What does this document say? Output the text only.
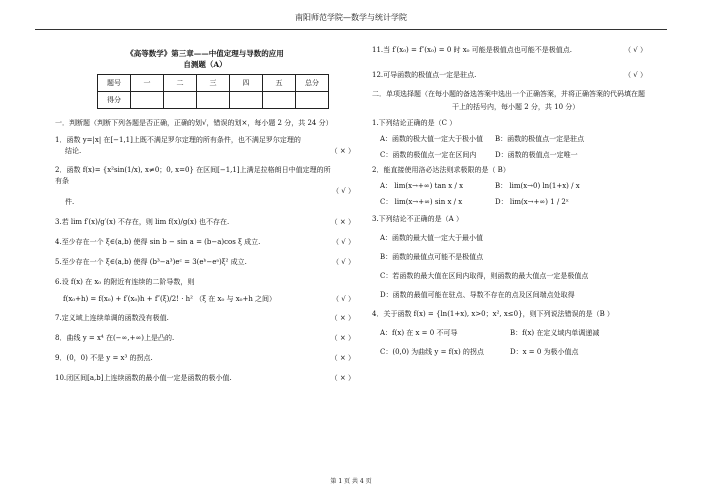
南阳师范学院—数学与统计学院
《高等数学》第三章——中值定理与导数的应用
自测题（A）
题号	一	二	三	四	五	总分
得分						
一．判断题（判断下列各题是否正确，正确的划√，错误的划×，每小题 2 分，共 24 分）
1．函数 y=|x| 在[−1,1]上既不满足罗尔定理的所有条件，也不满足罗尔定理的
结论.	（ × ）
2．函数 f(x)= {x²sin(1/x), x≠0；0, x=0} 在区间[−1,1]上满足拉格朗日中值定理的所有条
件.
（ √ ）
3.若 lim f′(x)/g′(x) 不存在，则 lim f(x)/g(x) 也不存在.	（ × ）
4.至少存在一个 ξ∈(a,b) 使得 sin b − sin a = (b−a)cos ξ 成立.	（ √ ）
5.至少存在一个 ξ∈(a,b) 使得 (b³−a³)eᶜ = 3(eᵇ−eᵃ)ξ² 成立.	（ √ ）
6.设 f(x) 在 x₀ 的附近有连续的二阶导数，则
f(x₀+h) = f(x₀) + f′(x₀)h + f″(ξ)/2! · h² （ξ 在 x₀ 与 x₀+h 之间）	（ √ ）
7.定义域上连续单调的函数没有极值.	（ × ）
8．曲线 y = x⁴ 在(−∞,+∞)上是凸的.	（ × ）
9．(0，0) 不是 y = x³ 的拐点.	（ × ）
10.闭区间[a,b]上连续函数的最小值一定是函数的极小值.	（ × ）
11.当 f′(x₀) = f″(x₀) = 0 时 x₀ 可能是极值点也可能不是极值点.	（ √ ）
12.可导函数的极值点一定是驻点.	（ √ ）
二．单项选择题（在每小题的备选答案中选出一个正确答案，并将正确答案的代码填在题
干上的括号内，每小题 2 分，共 10 分）
1.下列结论正确的是（C ）
A：函数的极大值一定大于极小值 B：函数的极值点一定是驻点
C：函数的极值点一定在区间内	D：函数的极值点一定唯一
2．能直接使用洛必达法则求极限的是（ B）
A： lim(x→+∞) tan x / x	B： lim(x→0) ln(1+x) / x
C： lim(x→+∞) sin x / x	D： lim(x→+∞) 1 / 2ˣ
3.下列结论不正确的是（A ）
A：函数的最大值一定大于最小值
B：函数的最值点可能不是极值点
C：若函数的最大值在区间内取得，则函数的最大值点一定是极值点
D：函数的最值可能在驻点、导数不存在的点及区间端点处取得
4．关于函数 f(x) = {ln(1+x), x>0；x², x≤0}，则下列说法错误的是（B ）
A：f(x) 在 x = 0 不可导	B：f(x) 在定义域内单调递减
C：(0,0) 为曲线 y = f(x) 的拐点	D：x = 0 为极小值点
第 1 页 共 4 页
